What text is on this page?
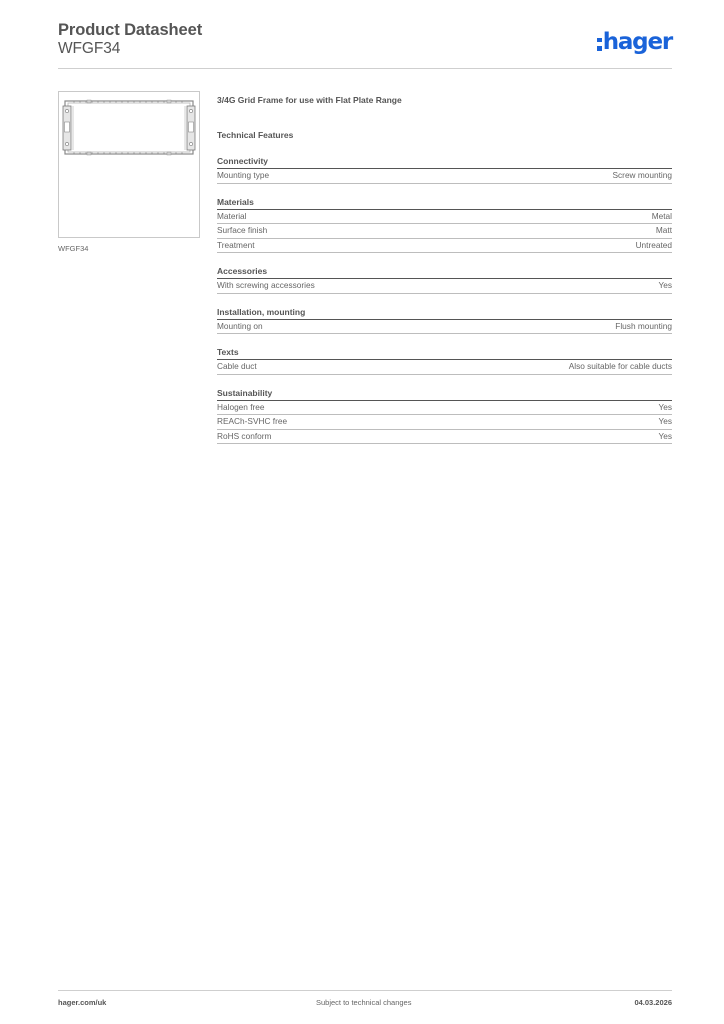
Product Datasheet
WFGF34	hager
WFGF34
3/4G Grid Frame for use with Flat Plate Range
Technical Features
Connectivity
Mounting type	Screw mounting
Materials
Material	Metal
Surface finish	Matt
Treatment	Untreated
Accessories
With screwing accessories	Yes
Installation, mounting
Mounting on	Flush mounting
Texts
Cable duct	Also suitable for cable ducts
Sustainability
Halogen free	Yes
REACh-SVHC free	Yes
RoHS conform	Yes
hager.com/uk	Subject to technical changes	04.03.2026
